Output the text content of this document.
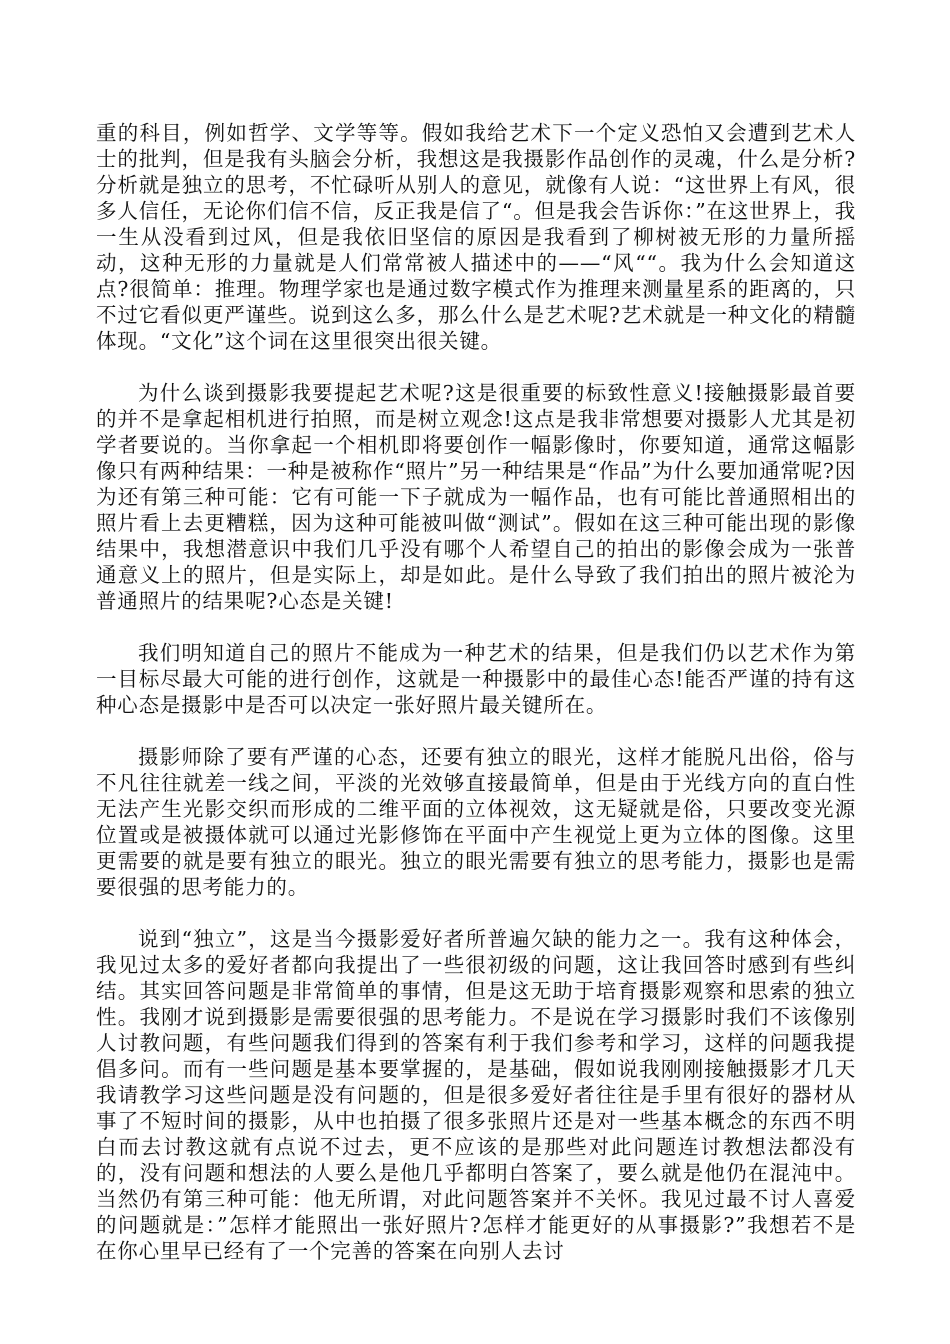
重的科目，例如哲学、文学等等。假如我给艺术下一个定义恐怕又会遭到艺术人士的批判，但是我有头脑会分析，我想这是我摄影作品创作的灵魂，什么是分析?分析就是独立的思考，不忙碌听从别人的意见，就像有人说：“这世界上有风，很多人信任，无论你们信不信，反正我是信了“。但是我会告诉你：”在这世界上，我一生从没看到过风，但是我依旧坚信的原因是我看到了柳树被无形的力量所摇动，这种无形的力量就是人们常常被人描述中的——“风““。我为什么会知道这点?很简单：推理。物理学家也是通过数字模式作为推理来测量星系的距离的，只不过它看似更严谨些。说到这么多，那么什么是艺术呢?艺术就是一种文化的精髓体现。“文化”这个词在这里很突出很关键。

为什么谈到摄影我要提起艺术呢?这是很重要的标致性意义!接触摄影最首要的并不是拿起相机进行拍照，而是树立观念!这点是我非常想要对摄影人尤其是初学者要说的。当你拿起一个相机即将要创作一幅影像时，你要知道，通常这幅影像只有两种结果：一种是被称作“照片”另一种结果是“作品”为什么要加通常呢?因为还有第三种可能：它有可能一下子就成为一幅作品，也有可能比普通照相出的照片看上去更糟糕，因为这种可能被叫做“测试”。假如在这三种可能出现的影像结果中，我想潜意识中我们几乎没有哪个人希望自己的拍出的影像会成为一张普通意义上的照片，但是实际上，却是如此。是什么导致了我们拍出的照片被沦为普通照片的结果呢?心态是关键!

我们明知道自己的照片不能成为一种艺术的结果，但是我们仍以艺术作为第一目标尽最大可能的进行创作，这就是一种摄影中的最佳心态!能否严谨的持有这种心态是摄影中是否可以决定一张好照片最关键所在。

摄影师除了要有严谨的心态，还要有独立的眼光，这样才能脱凡出俗，俗与不凡往往就差一线之间，平淡的光效够直接最简单，但是由于光线方向的直白性无法产生光影交织而形成的二维平面的立体视效，这无疑就是俗，只要改变光源位置或是被摄体就可以通过光影修饰在平面中产生视觉上更为立体的图像。这里更需要的就是要有独立的眼光。独立的眼光需要有独立的思考能力，摄影也是需要很强的思考能力的。

说到“独立”，这是当今摄影爱好者所普遍欠缺的能力之一。我有这种体会，我见过太多的爱好者都向我提出了一些很初级的问题，这让我回答时感到有些纠结。其实回答问题是非常简单的事情，但是这无助于培育摄影观察和思索的独立性。我刚才说到摄影是需要很强的思考能力。不是说在学习摄影时我们不该像别人讨教问题，有些问题我们得到的答案有利于我们参考和学习，这样的问题我提倡多问。而有一些问题是基本要掌握的，是基础，假如说我刚刚接触摄影才几天我请教学习这些问题是没有问题的，但是很多爱好者往往是手里有很好的器材从事了不短时间的摄影，从中也拍摄了很多张照片还是对一些基本概念的东西不明白而去讨教这就有点说不过去，更不应该的是那些对此问题连讨教想法都没有的，没有问题和想法的人要么是他几乎都明白答案了，要么就是他仍在混沌中。当然仍有第三种可能：他无所谓，对此问题答案并不关怀。我见过最不讨人喜爱的问题就是：”怎样才能照出一张好照片?怎样才能更好的从事摄影?”我想若不是在你心里早已经有了一个完善的答案在向别人去讨
